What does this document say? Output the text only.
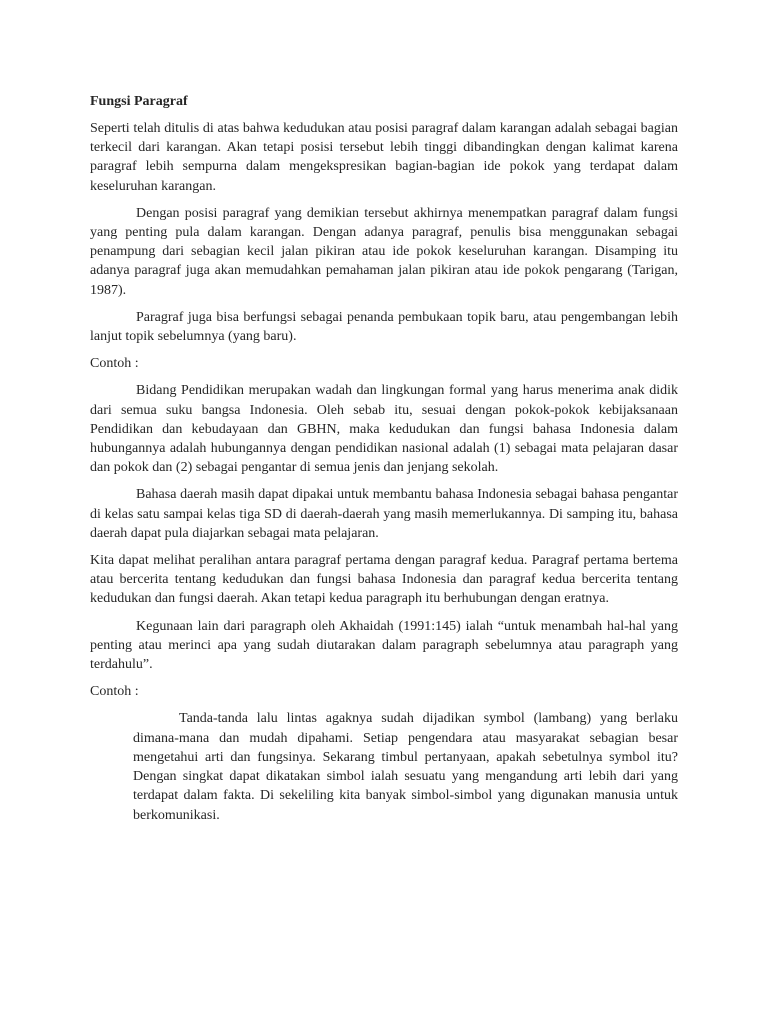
Fungsi Paragraf

Seperti telah ditulis di atas bahwa kedudukan atau posisi paragraf dalam karangan adalah sebagai bagian terkecil dari karangan. Akan tetapi posisi tersebut lebih tinggi dibandingkan dengan kalimat karena paragraf lebih sempurna dalam mengekspresikan bagian-bagian ide pokok yang terdapat dalam keseluruhan karangan.

Dengan posisi paragraf yang demikian tersebut akhirnya menempatkan paragraf dalam fungsi yang penting pula dalam karangan. Dengan adanya paragraf, penulis bisa menggunakan sebagai penampung dari sebagian kecil jalan pikiran atau ide pokok keseluruhan karangan. Disamping itu adanya paragraf juga akan memudahkan pemahaman jalan pikiran atau ide pokok pengarang (Tarigan, 1987).

Paragraf juga bisa berfungsi sebagai penanda pembukaan topik baru, atau pengembangan lebih lanjut topik sebelumnya (yang baru).

Contoh :

Bidang Pendidikan merupakan wadah dan lingkungan formal yang harus menerima anak didik dari semua suku bangsa Indonesia. Oleh sebab itu, sesuai dengan pokok-pokok kebijaksanaan Pendidikan dan kebudayaan dan GBHN, maka kedudukan dan fungsi bahasa Indonesia dalam hubungannya adalah hubungannya dengan pendidikan nasional adalah (1) sebagai mata pelajaran dasar dan pokok dan (2) sebagai pengantar di semua jenis dan jenjang sekolah.

Bahasa daerah masih dapat dipakai untuk membantu bahasa Indonesia sebagai bahasa pengantar di kelas satu sampai kelas tiga SD di daerah-daerah yang masih memerlukannya. Di samping itu, bahasa daerah dapat pula diajarkan sebagai mata pelajaran.

Kita dapat melihat peralihan antara paragraf pertama dengan paragraf kedua. Paragraf pertama bertema atau bercerita tentang kedudukan dan fungsi bahasa Indonesia dan paragraf kedua bercerita tentang kedudukan dan fungsi daerah. Akan tetapi kedua paragraph itu berhubungan dengan eratnya.

Kegunaan lain dari paragraph oleh Akhaidah (1991:145) ialah “untuk menambah hal-hal yang penting atau merinci apa yang sudah diutarakan dalam paragraph sebelumnya atau paragraph yang terdahulu”.

Contoh :

Tanda-tanda lalu lintas agaknya sudah dijadikan symbol (lambang) yang berlaku dimana-mana dan mudah dipahami. Setiap pengendara atau masyarakat sebagian besar mengetahui arti dan fungsinya. Sekarang timbul pertanyaan, apakah sebetulnya symbol itu? Dengan singkat dapat dikatakan simbol ialah sesuatu yang mengandung arti lebih dari yang terdapat dalam fakta. Di sekeliling kita banyak simbol-simbol yang digunakan manusia untuk berkomunikasi.
